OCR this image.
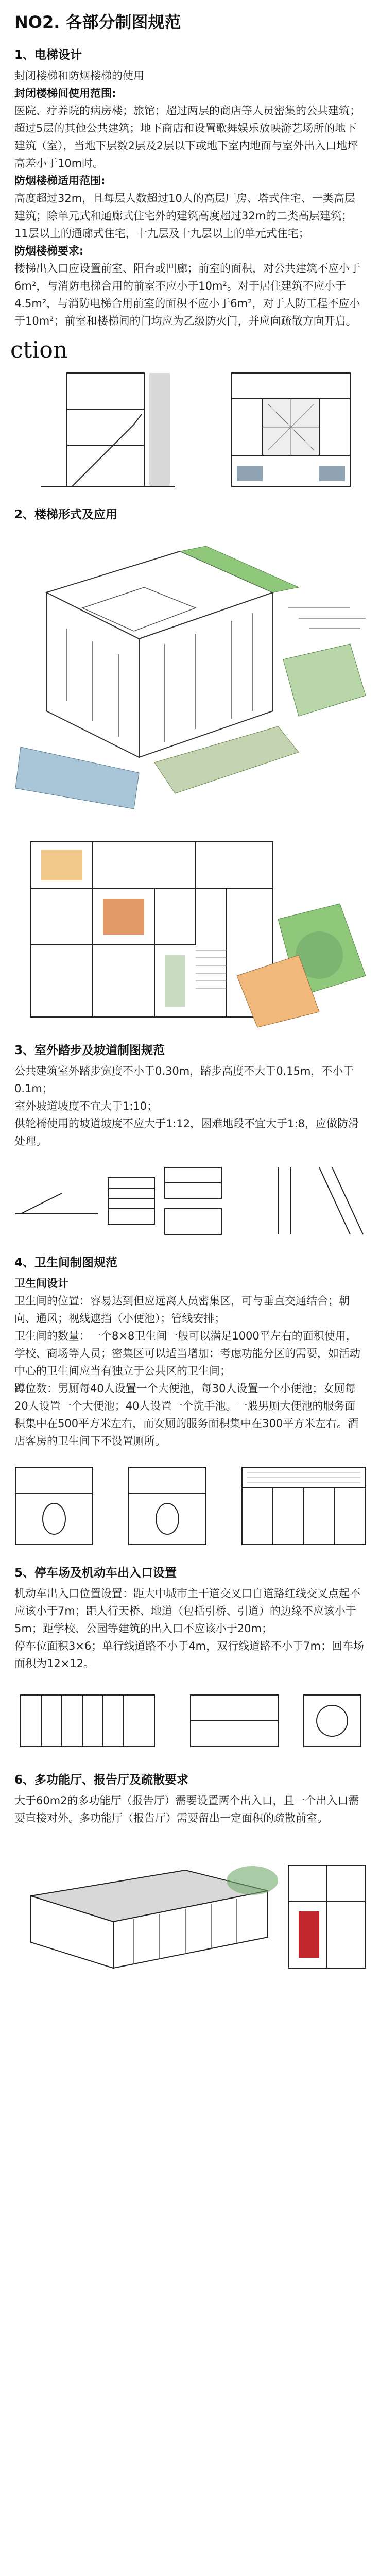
NO2. 各部分制图规范
1、电梯设计

封闭楼梯和防烟楼梯的使用

封闭楼梯间使用范围:

医院、疗养院的病房楼；旅馆；超过两层的商店等人员密集的公共建筑；超过5层的其他公共建筑；地下商店和设置歌舞娱乐放映游艺场所的地下建筑（室），当地下层数2层及2层以下或地下室内地面与室外出入口地坪高差小于10m时。

防烟楼梯适用范围:

高度超过32m，且每层人数超过10人的高层厂房、塔式住宅、一类高层建筑；除单元式和通廊式住宅外的建筑高度超过32m的二类高层建筑；11层以上的通廊式住宅，十九层及十九层以上的单元式住宅；

防烟楼梯要求:

楼梯出入口应设置前室、阳台或凹廊；前室的面积，对公共建筑不应小于6m²，与消防电梯合用的前室不应小于10m²。对于居住建筑不应小于4.5m²，与消防电梯合用前室的面积不应小于6m²，对于人防工程不应小于10m²；前室和楼梯间的门均应为乙级防火门，并应向疏散方向开启。

ction
2、楼梯形式及应用
3、室外踏步及坡道制图规范

公共建筑室外踏步宽度不小于0.30m，踏步高度不大于0.15m，不小于0.1m；

室外坡道坡度不宜大于1:10；

供轮椅使用的坡道坡度不应大于1:12，困难地段不宜大于1:8，应做防滑处理。

4、卫生间制图规范

卫生间设计

卫生间的位置：容易达到但应远离人员密集区，可与垂直交通结合；朝向、通风；视线遮挡（小便池）；管线安排；

卫生间的数量：一个8×8卫生间一般可以满足1000平左右的面积使用，学校、商场等人员；密集区可以适当增加；考虑功能分区的需要，如活动中心的卫生间应当有独立于公共区的卫生间；

蹲位数：男厕每40人设置一个大便池，每30人设置一个小便池；女厕每20人设置一个大便池；40人设置一个洗手池。一般男厕大便池的服务面积集中在500平方米左右，而女厕的服务面积集中在300平方米左右。酒店客房的卫生间下不设置厕所。

5、停车场及机动车出入口设置

机动车出入口位置设置：距大中城市主干道交叉口自道路红线交叉点起不应该小于7m；距人行天桥、地道（包括引桥、引道）的边缘不应该小于5m；距学校、公园等建筑的出入口不应该小于20m；

停车位面积3×6；单行线道路不小于4m，双行线道路不小于7m；回车场面积为12×12。

6、多功能厅、报告厅及疏散要求

大于60m2的多功能厅（报告厅）需要设置两个出入口，且一个出入口需要直接对外。多功能厅（报告厅）需要留出一定面积的疏散前室。
